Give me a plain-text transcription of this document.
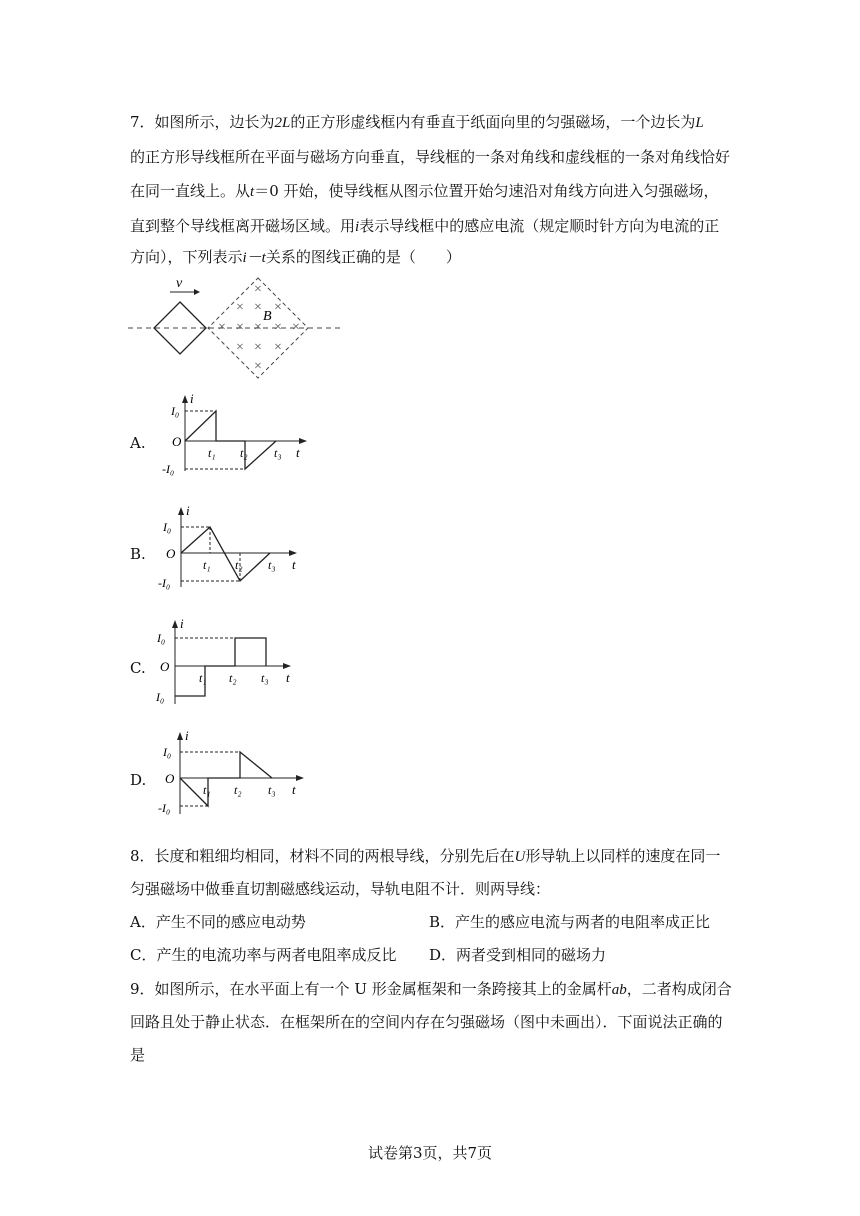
7．如图所示，边长为2L的正方形虚线框内有垂直于纸面向里的匀强磁场，一个边长为L
的正方形导线框所在平面与磁场方向垂直，导线框的一条对角线和虚线框的一条对角线恰好
在同一直线上。从t＝0 开始，使导线框从图示位置开始匀速沿对角线方向进入匀强磁场，
直到整个导线框离开磁场区域。用i表示导线框中的感应电流（规定顺时针方向为电流的正
方向），下列表示i－t关系的图线正确的是（　　）
v	×
× × ×
× × × × ×
× × ×
×
B
A.
I₀
i
O
-I₀
t
t₁ t₂ t₃
B.
I₀
i
O
-I₀
t
t₁ t₂ t₃
C.
I₀
i
O
I₀
t
t₁ t₂ t₃
D.
I₀
i
O
-I₀
t
t₁ t₂ t₃
8．长度和粗细均相同，材料不同的两根导线，分别先后在U形导轨上以同样的速度在同一
匀强磁场中做垂直切割磁感线运动，导轨电阻不计．则两导线：
A．产生不同的感应电动势	B．产生的感应电流与两者的电阻率成正比
C．产生的电流功率与两者电阻率成反比 D．两者受到相同的磁场力
9．如图所示，在水平面上有一个 U 形金属框架和一条跨接其上的金属杆ab，二者构成闭合
回路且处于静止状态．在框架所在的空间内存在匀强磁场（图中未画出）．下面说法正确的
是
试卷第3页，共7页
